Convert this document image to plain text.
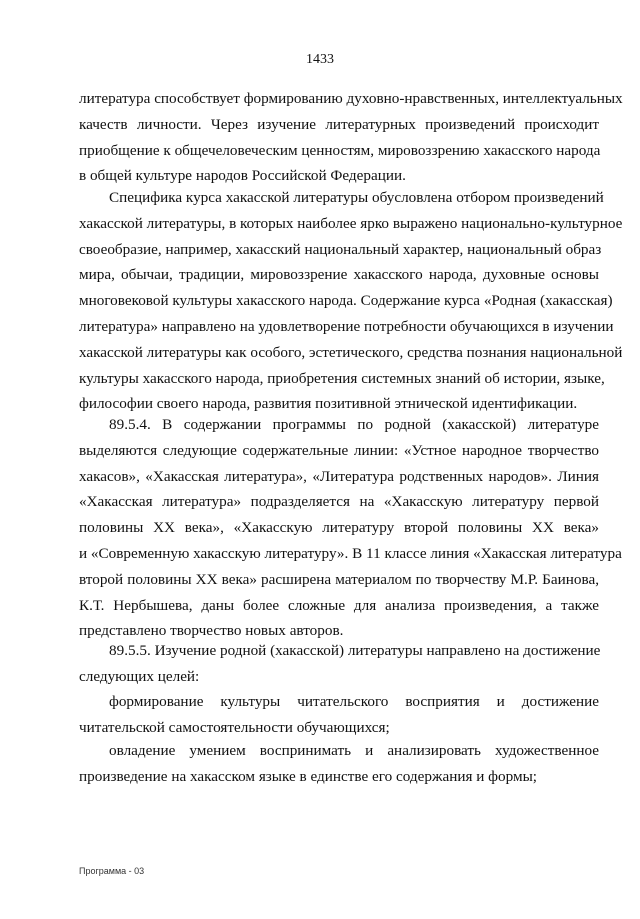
1433
литература способствует формированию духовно-нравственных, интеллектуальных
качеств личности. Через изучение литературных произведений происходит
приобщение к общечеловеческим ценностям, мировоззрению хакасского народа
в общей культуре народов Российской Федерации.
Специфика курса хакасской литературы обусловлена отбором произведений
хакасской литературы, в которых наиболее ярко выражено национально-культурное
своеобразие, например, хакасский национальный характер, национальный образ
мира, обычаи, традиции, мировоззрение хакасского народа, духовные основы
многовековой культуры хакасского народа. Содержание курса «Родная (хакасская)
литература» направлено на удовлетворение потребности обучающихся в изучении
хакасской литературы как особого, эстетического, средства познания национальной
культуры хакасского народа, приобретения системных знаний об истории, языке,
философии своего народа, развития позитивной этнической идентификации.
89.5.4. В содержании программы по родной (хакасской) литературе
выделяются следующие содержательные линии: «Устное народное творчество
хакасов», «Хакасская литература», «Литература родственных народов». Линия
«Хакасская литература» подразделяется на «Хакасскую литературу первой
половины XX века», «Хакасскую литературу второй половины XX века»
и «Современную хакасскую литературу». В 11 классе линия «Хакасская литература
второй половины XX века» расширена материалом по творчеству М.Р. Баинова,
К.Т. Нербышева, даны более сложные для анализа произведения, а также
представлено творчество новых авторов.
89.5.5. Изучение родной (хакасской) литературы направлено на достижение
следующих целей:
формирование культуры читательского восприятия и достижение
читательской самостоятельности обучающихся;
овладение умением воспринимать и анализировать художественное
произведение на хакасском языке в единстве его содержания и формы;
Программа - 03
